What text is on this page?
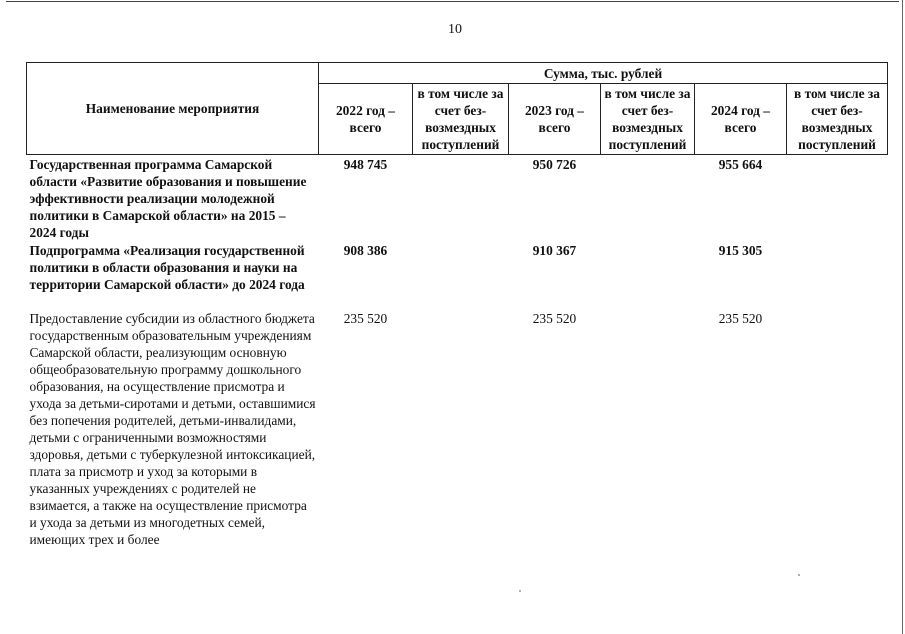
10
Наименование мероприятия	Сумма, тыс. рублей					
	2022 год – всего	в том числе за счет без-возмездных поступлений	2023 год – всего	в том числе за счет без-возмездных поступлений	2024 год – всего	в том числе за счет без-возмездных поступлений
Государственная программа Самарской области «Развитие образования и повышение эффективности реализации молодежной политики в Самарской области» на 2015 – 2024 годы	948 745		950 726		955 664	
Подпрограмма «Реализация государственной политики в области образования и науки на территории Самарской области» до 2024 года	908 386		910 367		915 305	
Предоставление субсидии из областного бюджета государственным образовательным учреждениям Самарской области, реализующим основную общеобразовательную программу дошкольного образования, на осуществление присмотра и ухода за детьми-сиротами и детьми, оставшимися без попечения родителей, детьми-инвалидами, детьми с ограниченными возможностями здоровья, детьми с туберкулезной интоксикацией, плата за присмотр и уход за которыми в указанных учреждениях с родителей не взимается, а также на осуществление присмотра и ухода за детьми из многодетных семей, имеющих трех и более	235 520		235 520		235 520	
